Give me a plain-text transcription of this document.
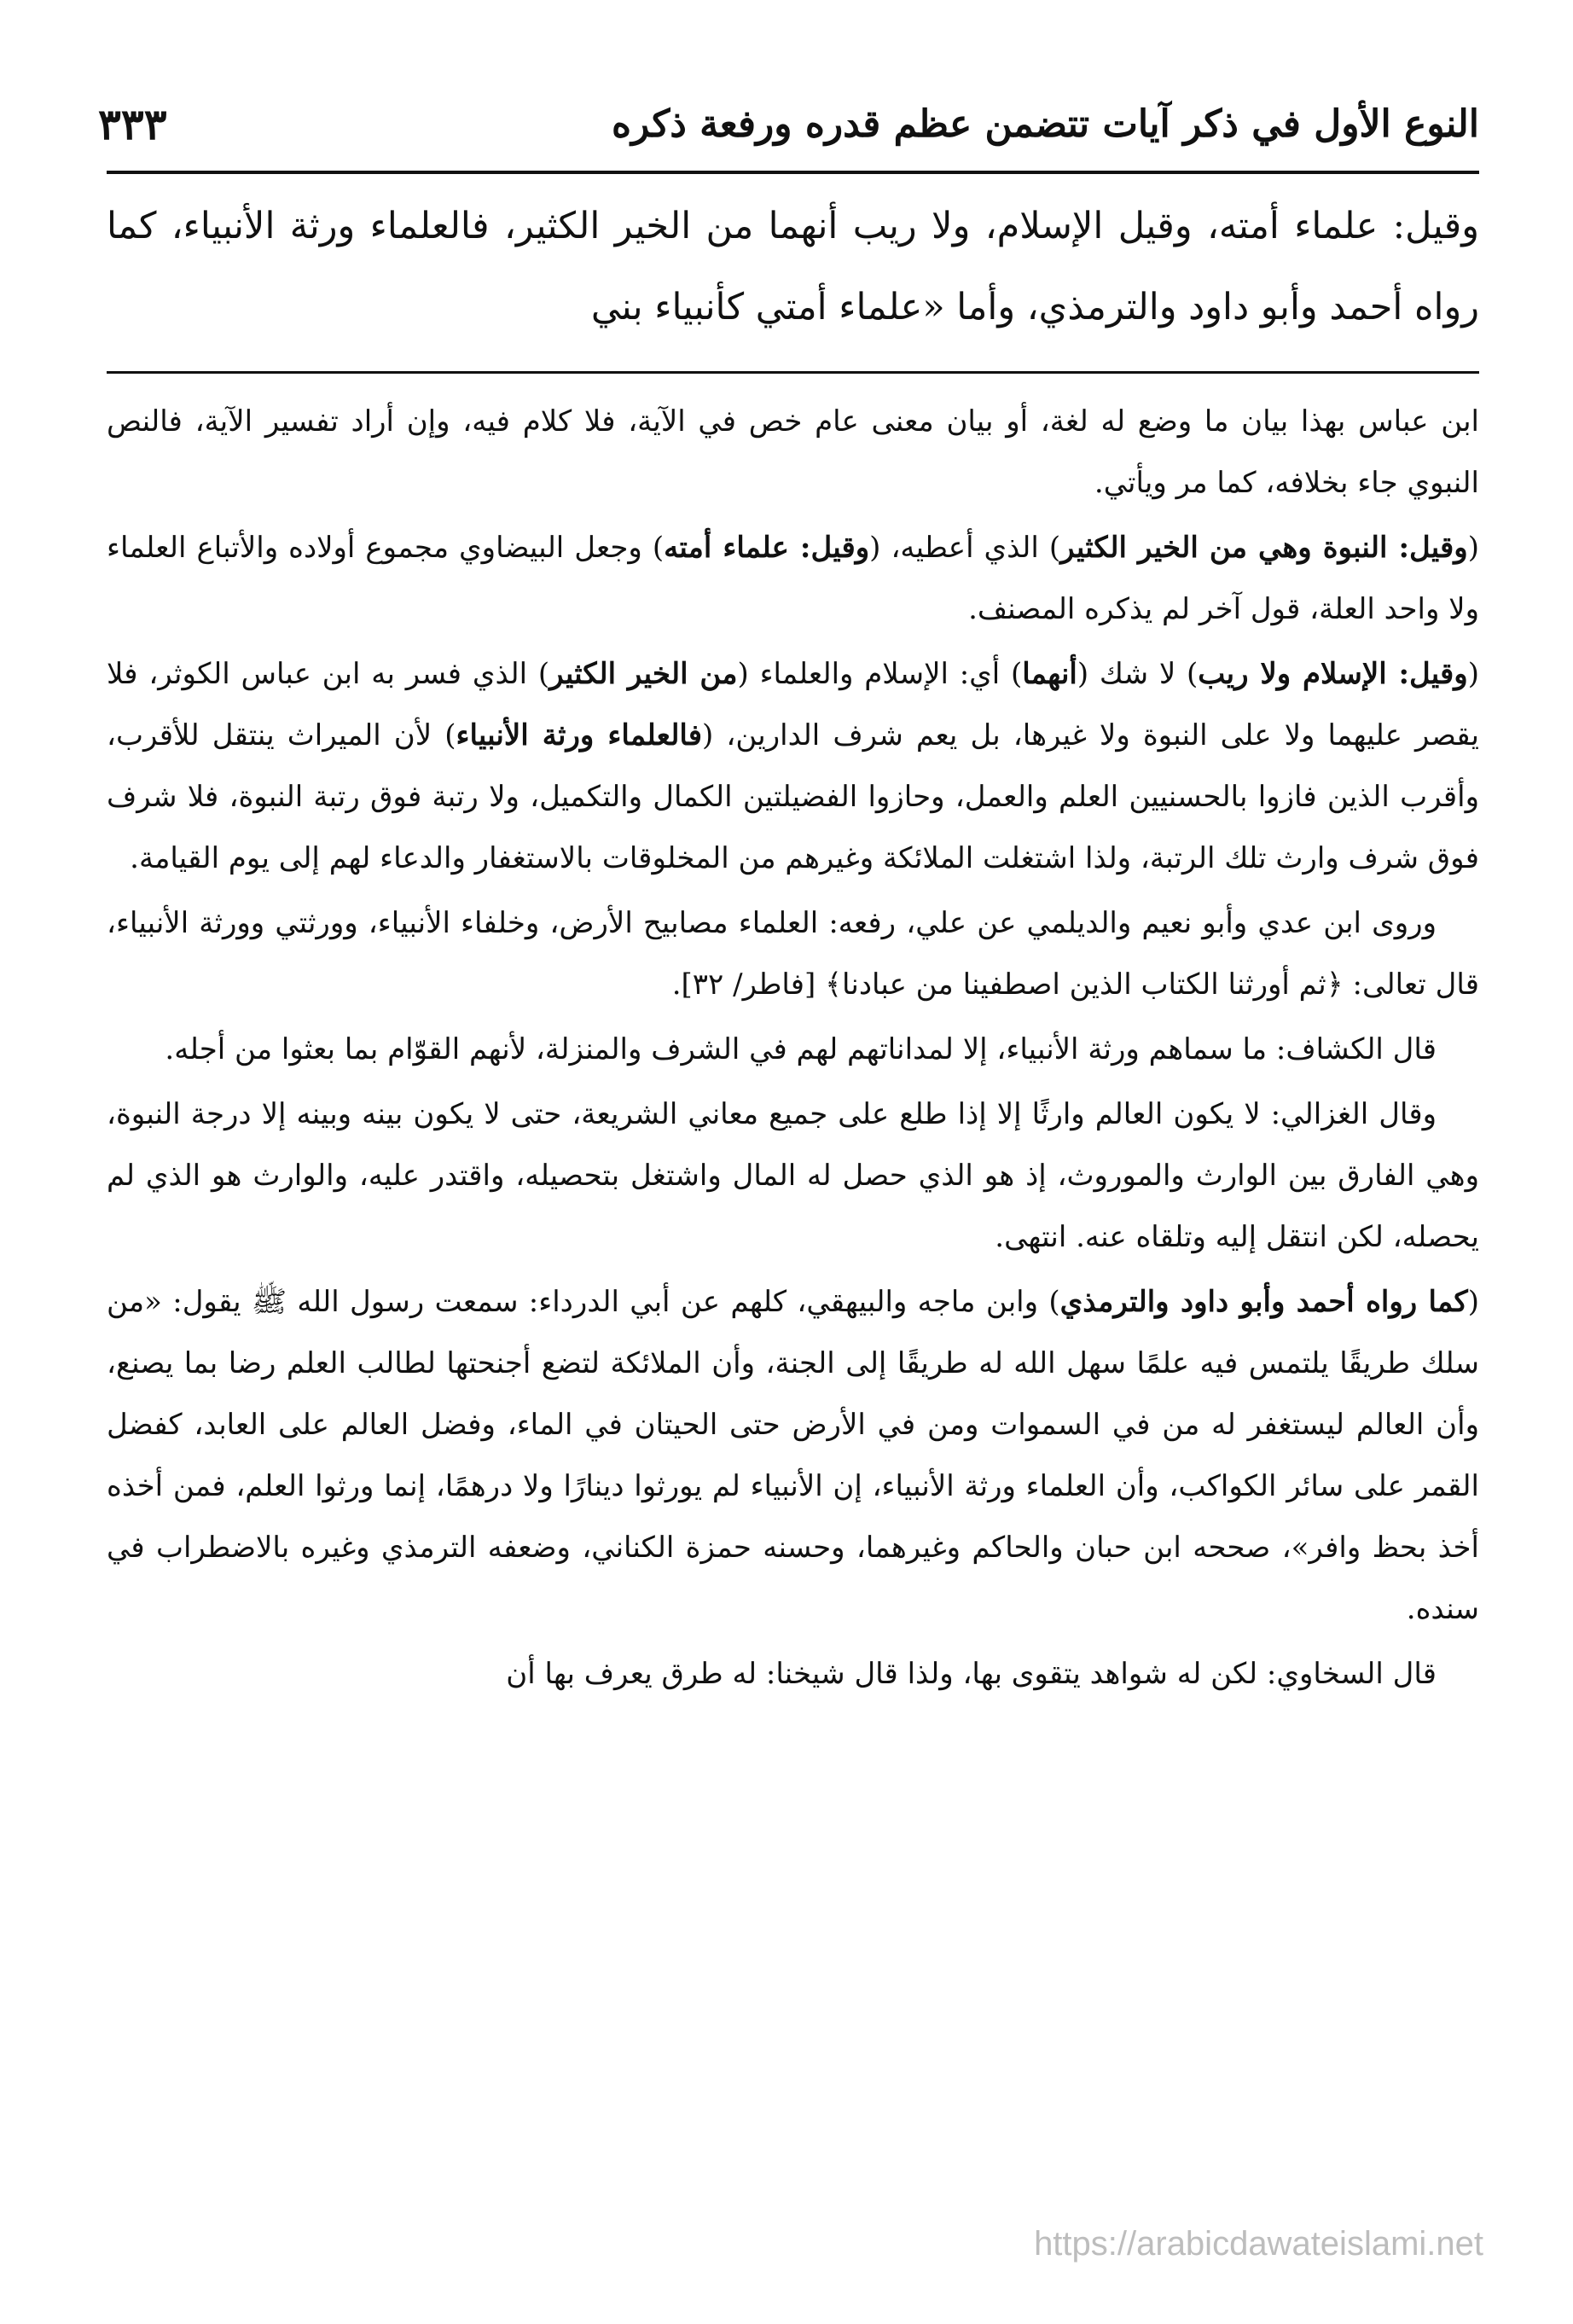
النوع الأول في ذكر آيات تتضمن عظم قدره ورفعة ذكره
٣٣٣

وقيل: علماء أمته، وقيل الإسلام، ولا ريب أنهما من الخير الكثير، فالعلماء ورثة الأنبياء، كما رواه أحمد وأبو داود والترمذي، وأما «علماء أمتي كأنبياء بني

ابن عباس بهذا بيان ما وضع له لغة، أو بيان معنى عام خص في الآية، فلا كلام فيه، وإن أراد تفسير الآية، فالنص النبوي جاء بخلافه، كما مر ويأتي.

(وقيل: النبوة وهي من الخير الكثير) الذي أعطيه، (وقيل: علماء أمته) وجعل البيضاوي مجموع أولاده والأتباع العلماء ولا واحد العلة، قول آخر لم يذكره المصنف.

(وقيل: الإسلام ولا ريب) لا شك (أنهما) أي: الإسلام والعلماء (من الخير الكثير) الذي فسر به ابن عباس الكوثر، فلا يقصر عليهما ولا على النبوة ولا غيرها، بل يعم شرف الدارين، (فالعلماء ورثة الأنبياء) لأن الميراث ينتقل للأقرب، وأقرب الذين فازوا بالحسنيين العلم والعمل، وحازوا الفضيلتين الكمال والتكميل، ولا رتبة فوق رتبة النبوة، فلا شرف فوق شرف وارث تلك الرتبة، ولذا اشتغلت الملائكة وغيرهم من المخلوقات بالاستغفار والدعاء لهم إلى يوم القيامة.

وروى ابن عدي وأبو نعيم والديلمي عن علي، رفعه: العلماء مصابيح الأرض، وخلفاء الأنبياء، وورثتي وورثة الأنبياء، قال تعالى: ﴿ثم أورثنا الكتاب الذين اصطفينا من عبادنا﴾ [فاطر/ ٣٢].

قال الكشاف: ما سماهم ورثة الأنبياء، إلا لمداناتهم لهم في الشرف والمنزلة، لأنهم القوّام بما بعثوا من أجله.

وقال الغزالي: لا يكون العالم وارثًا إلا إذا طلع على جميع معاني الشريعة، حتى لا يكون بينه وبينه إلا درجة النبوة، وهي الفارق بين الوارث والموروث، إذ هو الذي حصل له المال واشتغل بتحصيله، واقتدر عليه، والوارث هو الذي لم يحصله، لكن انتقل إليه وتلقاه عنه. انتهى.

(كما رواه أحمد وأبو داود والترمذي) وابن ماجه والبيهقي، كلهم عن أبي الدرداء: سمعت رسول الله ﷺ يقول: «من سلك طريقًا يلتمس فيه علمًا سهل الله له طريقًا إلى الجنة، وأن الملائكة لتضع أجنحتها لطالب العلم رضا بما يصنع، وأن العالم ليستغفر له من في السموات ومن في الأرض حتى الحيتان في الماء، وفضل العالم على العابد، كفضل القمر على سائر الكواكب، وأن العلماء ورثة الأنبياء، إن الأنبياء لم يورثوا دينارًا ولا درهمًا، إنما ورثوا العلم، فمن أخذه أخذ بحظ وافر»، صححه ابن حبان والحاكم وغيرهما، وحسنه حمزة الكناني، وضعفه الترمذي وغيره بالاضطراب في سنده.

قال السخاوي: لكن له شواهد يتقوى بها، ولذا قال شيخنا: له طرق يعرف بها أن

https://arabicdawateislami.net
